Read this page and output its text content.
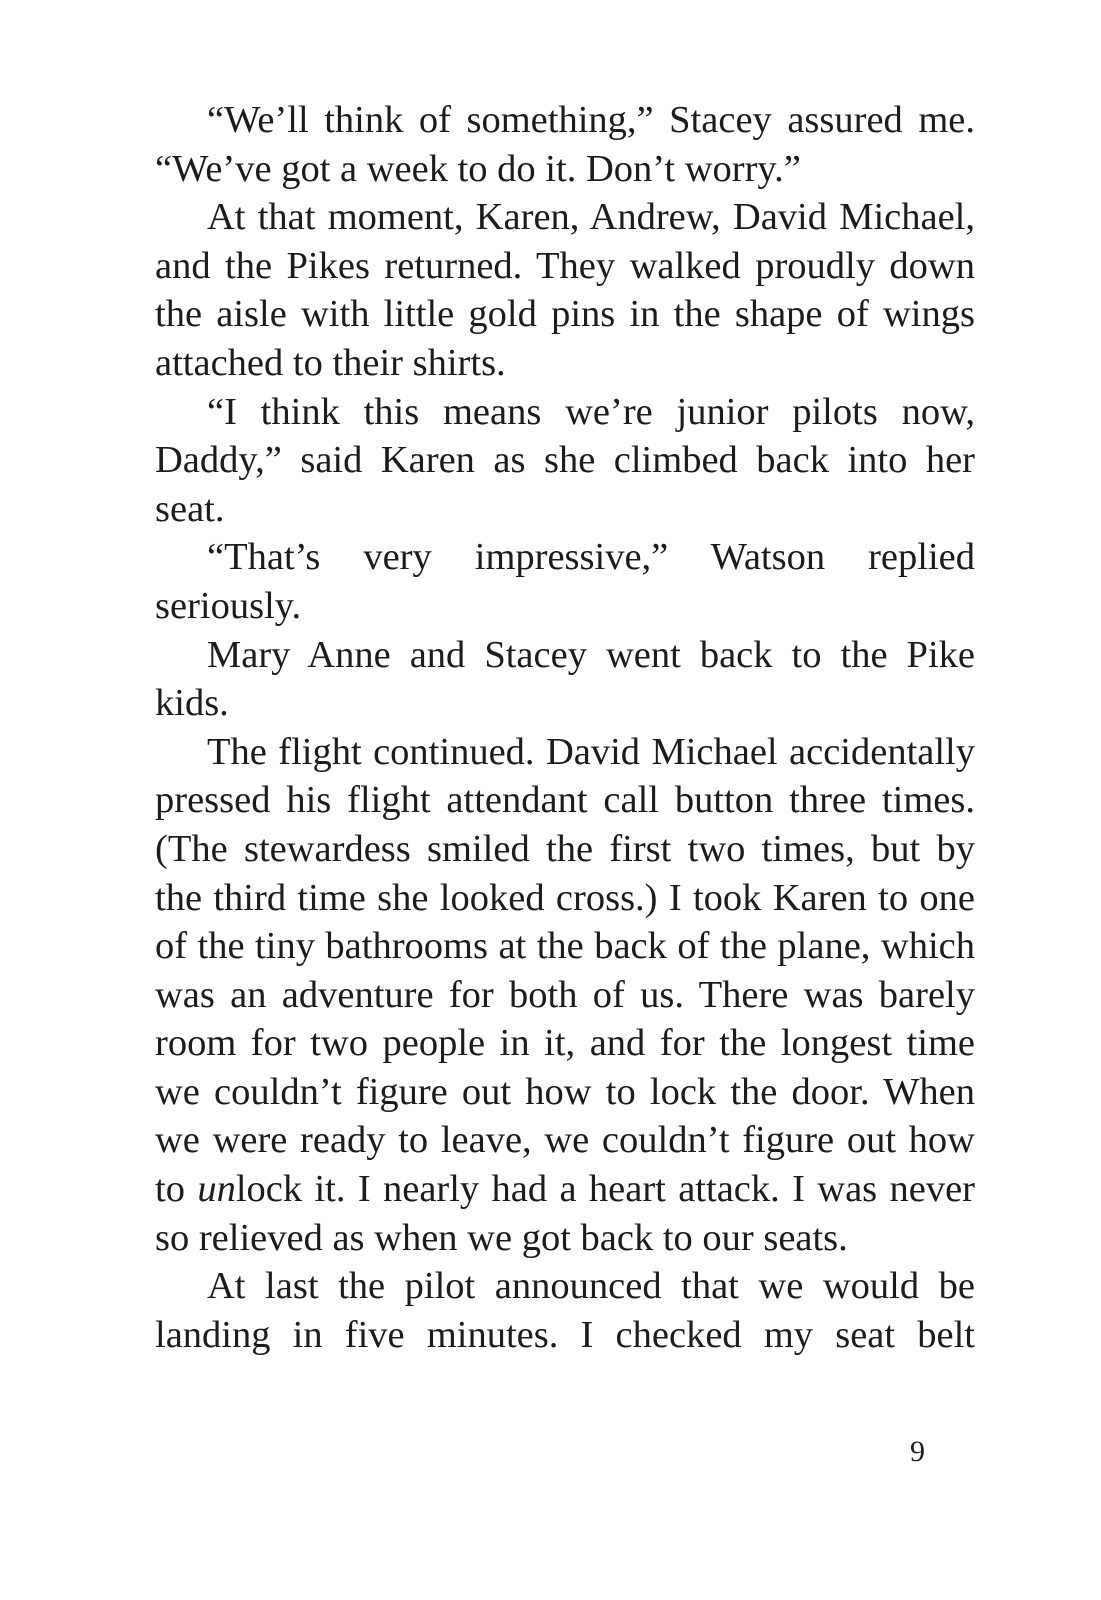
“We’ll think of something,” Stacey assured me. “We’ve got a week to do it. Don’t worry.”

At that moment, Karen, Andrew, David Michael, and the Pikes returned. They walked proudly down the aisle with little gold pins in the shape of wings attached to their shirts.

“I think this means we’re junior pilots now, Daddy,” said Karen as she climbed back into her seat.

“That’s very impressive,” Watson replied seriously.

Mary Anne and Stacey went back to the Pike kids.

The flight continued. David Michael accidentally pressed his flight attendant call button three times. (The stewardess smiled the first two times, but by the third time she looked cross.) I took Karen to one of the tiny bathrooms at the back of the plane, which was an adventure for both of us. There was barely room for two people in it, and for the longest time we couldn’t figure out how to lock the door. When we were ready to leave, we couldn’t figure out how to unlock it. I nearly had a heart attack. I was never so relieved as when we got back to our seats.

At last the pilot announced that we would be landing in five minutes. I checked my seat belt

9
